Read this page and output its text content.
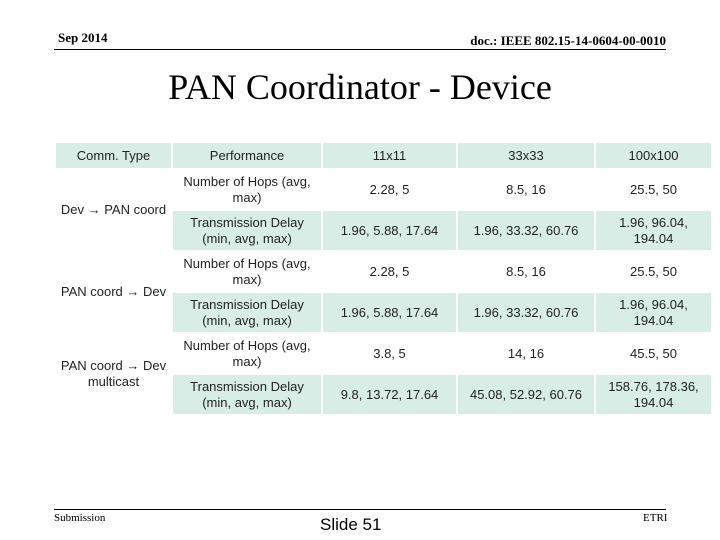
Sep 2014	doc.: IEEE 802.15-14-0604-00-0010
PAN Coordinator - Device
Comm. Type	Performance	11x11	33x33	100x100
Dev → PAN coord	Number of Hops (avg, max)	2.28, 5	8.5, 16	25.5, 50
	Transmission Delay (min, avg, max)	1.96, 5.88, 17.64	1.96, 33.32, 60.76	1.96, 96.04, 194.04
PAN coord → Dev	Number of Hops (avg, max)	2.28, 5	8.5, 16	25.5, 50
	Transmission Delay (min, avg, max)	1.96, 5.88, 17.64	1.96, 33.32, 60.76	1.96, 96.04, 194.04
PAN coord → Dev multicast	Number of Hops (avg, max)	3.8, 5	14, 16	45.5, 50
	Transmission Delay (min, avg, max)	9.8, 13.72, 17.64	45.08, 52.92, 60.76	158.76, 178.36, 194.04
Submission	Slide 51	ETRI
